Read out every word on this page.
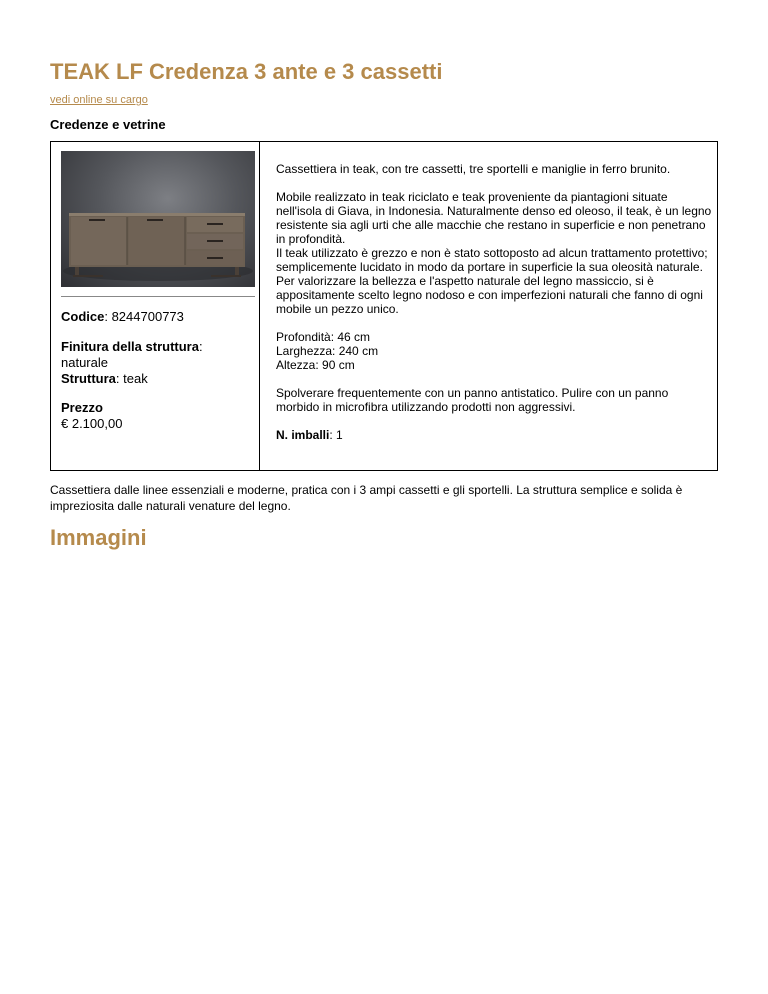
TEAK LF Credenza 3 ante e 3 cassetti
vedi online su cargo
Credenze e vetrine
Codice: 8244700773
Finitura della struttura:
naturale
Struttura: teak
Prezzo
€ 2.100,00

Cassettiera in teak, con tre cassetti, tre sportelli e maniglie in ferro brunito.

Mobile realizzato in teak riciclato e teak proveniente da piantagioni situate nell'isola di Giava, in Indonesia. Naturalmente denso ed oleoso, il teak, è un legno resistente sia agli urti che alle macchie che restano in superficie e non penetrano in profondità.

Il teak utilizzato è grezzo e non è stato sottoposto ad alcun trattamento protettivo; semplicemente lucidato in modo da portare in superficie la sua oleosità naturale. Per valorizzare la bellezza e l'aspetto naturale del legno massiccio, si è appositamente scelto legno nodoso e con imperfezioni naturali che fanno di ogni mobile un pezzo unico.

Profondità: 46 cm
Larghezza: 240 cm
Altezza: 90 cm

Spolverare frequentemente con un panno antistatico. Pulire con un panno morbido in microfibra utilizzando prodotti non aggressivi.

N. imballi: 1

Cassettiera dalle linee essenziali e moderne, pratica con i 3 ampi cassetti e gli sportelli. La struttura semplice e solida è impreziosita dalle naturali venature del legno.

Immagini
